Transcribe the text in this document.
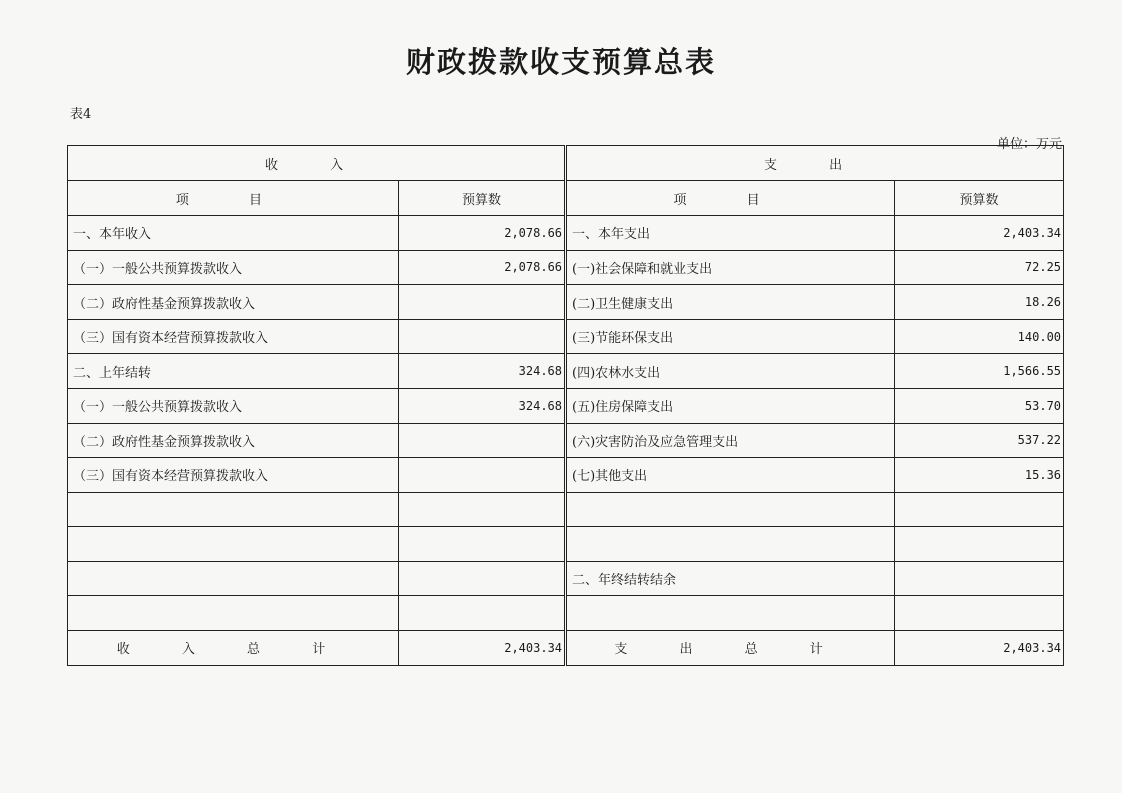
财政拨款收支预算总表
表4
单位：万元
收 入		支 出	
项 目	预算数	项 目	预算数
一、本年收入	2,078.66	一、本年支出	2,403.34
（一）一般公共预算拨款收入	2,078.66	(一)社会保障和就业支出	72.25
（二）政府性基金预算拨款收入		(二)卫生健康支出	18.26
（三）国有资本经营预算拨款收入		(三)节能环保支出	140.00
二、上年结转	324.68	(四)农林水支出	1,566.55
（一）一般公共预算拨款收入	324.68	(五)住房保障支出	53.70
（二）政府性基金预算拨款收入		(六)灾害防治及应急管理支出	537.22
（三）国有资本经营预算拨款收入		(七)其他支出	15.36

		二、年终结转结余	

收 入 总 计	2,403.34	支 出 总 计	2,403.34
